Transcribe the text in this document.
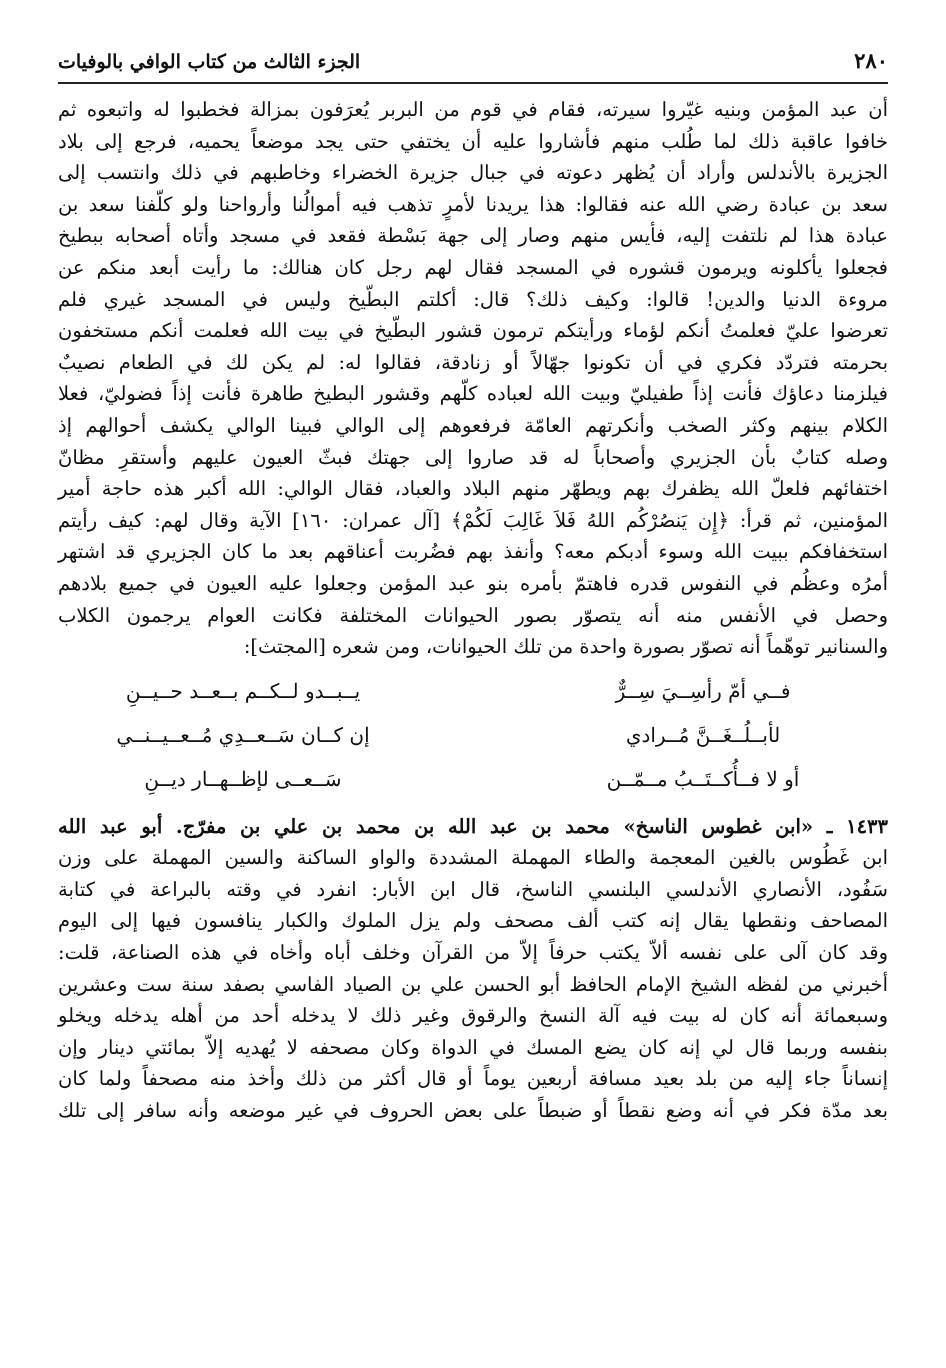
٢٨٠
الجزء الثالث من كتاب الوافي بالوفيات

أن عبد المؤمن وبنيه غيّروا سيرته، فقام في قوم من البربر يُعرَفون بمزالة فخطبوا له واتبعوه ثم
خافوا عاقبة ذلك لما طُلب منهم فأشاروا عليه أن يختفي حتى يجد موضعاً يحميه، فرجع إلى بلاد
الجزيرة بالأندلس وأراد أن يُظهر دعوته في جبال جزيرة الخضراء وخاطبهم في ذلك وانتسب إلى
سعد بن عبادة رضي الله عنه فقالوا: هذا يريدنا لأمرٍ تذهب فيه أموالُنا وأرواحنا ولو كلّفنا سعد بن
عبادة هذا لم نلتفت إليه، فأيس منهم وصار إلى جهة بَسْطة فقعد في مسجد وأتاه أصحابه ببطيخ
فجعلوا يأكلونه ويرمون قشوره في المسجد فقال لهم رجل كان هنالك: ما رأيت أبعد منكم عن
مروءة الدنيا والدين! قالوا: وكيف ذلك؟ قال: أكلتم البطّيخ وليس في المسجد غيري فلم
تعرضوا عليّ فعلمتُ أنكم لؤماء ورأيتكم ترمون قشور البطّيخ في بيت الله فعلمت أنكم مستخفون
بحرمته فتردّد فكري في أن تكونوا جهّالاً أو زنادقة، فقالوا له: لم يكن لك في الطعام نصيبٌ
فيلزمنا دعاؤك فأنت إذاً طفيليّ وبيت الله لعباده كلّهم وقشور البطيخ طاهرة فأنت إذاً فضوليّ، فعلا
الكلام بينهم وكثر الصخب وأنكرتهم العامّة فرفعوهم إلى الوالي فبينا الوالي يكشف أحوالهم إذ
وصله كتابٌ بأن الجزيري وأصحاباً له قد صاروا إلى جهتك فبثّ العيون عليهم وأستقرِ مظانّ
اختفائهم فلعلّ الله يظفرك بهم ويطهّر منهم البلاد والعباد، فقال الوالي: الله أكبر هذه حاجة أمير
المؤمنين، ثم قرأ: ﴿إِن يَنصُرْكُم اللهُ فَلاَ غَالِبَ لَكُمْ﴾ [آل عمران: ١٦٠] الآية وقال لهم: كيف رأيتم
استخفافكم ببيت الله وسوء أدبكم معه؟ وأنفذ بهم فضُربت أعناقهم بعد ما كان الجزيري قد اشتهر
أمرُه وعظُم في النفوس قدره فاهتمّ بأمره بنو عبد المؤمن وجعلوا عليه العيون في جميع بلادهم
وحصل في الأنفس منه أنه يتصوّر بصور الحيوانات المختلفة فكانت العوام يرجمون الكلاب
والسنانير توهّماً أنه تصوّر بصورة واحدة من تلك الحيوانات، ومن شعره [المجتث]:

فــي أمّ رأسِــيَ سِــرٌّ
يــبــدو لــكــم بــعــد حــيــنِ
لأبــلُــغَــنَّ مُــرادي
إن كــان سَــعــدِي مُــعــيــنــي
أو لا فــأُكــتَــبُ مــمّــن
سَــعــى لإظــهــار ديــنِ

١٤٣٣ ـ «ابن غطوس الناسخ» محمد بن عبد الله بن محمد بن علي بن مفرّج. أبو عبد الله
ابن غَطُوس بالغين المعجمة والطاء المهملة المشددة والواو الساكنة والسين المهملة على وزن
سَفُود، الأنصاري الأندلسي البلنسي الناسخ، قال ابن الأبار: انفرد في وقته بالبراعة في كتابة
المصاحف ونقطها يقال إنه كتب ألف مصحف ولم يزل الملوك والكبار ينافسون فيها إلى اليوم
وقد كان آلى على نفسه ألاّ يكتب حرفاً إلاّ من القرآن وخلف أباه وأخاه في هذه الصناعة، قلت:
أخبرني من لفظه الشيخ الإمام الحافظ أبو الحسن علي بن الصياد الفاسي بصفد سنة ست وعشرين
وسبعمائة أنه كان له بيت فيه آلة النسخ والرقوق وغير ذلك لا يدخله أحد من أهله يدخله ويخلو
بنفسه وربما قال لي إنه كان يضع المسك في الدواة وكان مصحفه لا يُهديه إلاّ بمائتي دينار وإن
إنساناً جاء إليه من بلد بعيد مسافة أربعين يوماً أو قال أكثر من ذلك وأخذ منه مصحفاً ولما كان
بعد مدّة فكر في أنه وضع نقطاً أو ضبطاً على بعض الحروف في غير موضعه وأنه سافر إلى تلك
